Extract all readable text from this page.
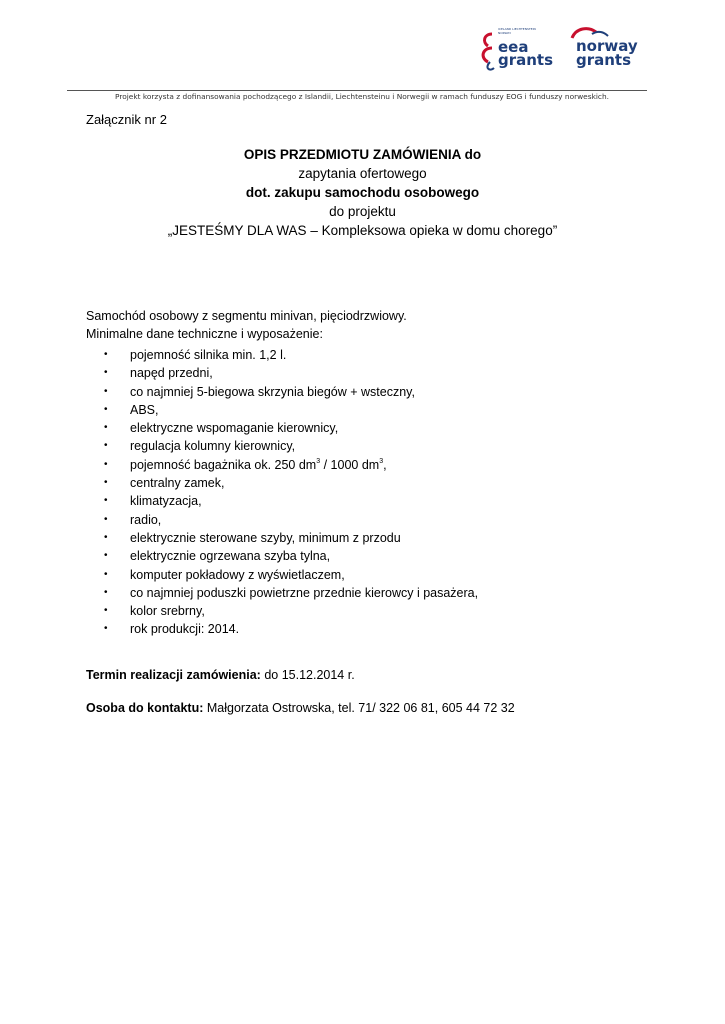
ICELAND LIECHTENSTEIN NORWAY
eea
grants
norway
grants
Projekt korzysta z dofinansowania pochodzącego z Islandii, Liechtensteinu i Norwegii w ramach funduszy EOG i funduszy norweskich.
Załącznik nr 2
OPIS PRZEDMIOTU ZAMÓWIENIA do
zapytania ofertowego
dot. zakupu samochodu osobowego
do projektu
„JESTEŚMY DLA WAS – Kompleksowa opieka w domu chorego”
Samochód osobowy z segmentu minivan, pięciodrzwiowy.
Minimalne dane techniczne i wyposażenie:
• pojemność silnika min. 1,2 l.
• napęd przedni,
• co najmniej 5-biegowa skrzynia biegów + wsteczny,
• ABS,
• elektryczne wspomaganie kierownicy,
• regulacja kolumny kierownicy,
• pojemność bagażnika ok. 250 $dm^3 / 1000$ $dm^3$,
• centralny zamek,
• klimatyzacja,
• radio,
• elektrycznie sterowane szyby, minimum z przodu
• elektrycznie ogrzewana szyba tylna,
• komputer pokładowy z wyświetlaczem,
• co najmniej poduszki powietrzne przednie kierowcy i pasażera,
• kolor srebrny,
• rok produkcji: 2014.
Termin realizacji zamówienia: do 15.12.2014 r.
Osoba do kontaktu: Małgorzata Ostrowska, tel. 71/ 322 06 81, 605 44 72 32
